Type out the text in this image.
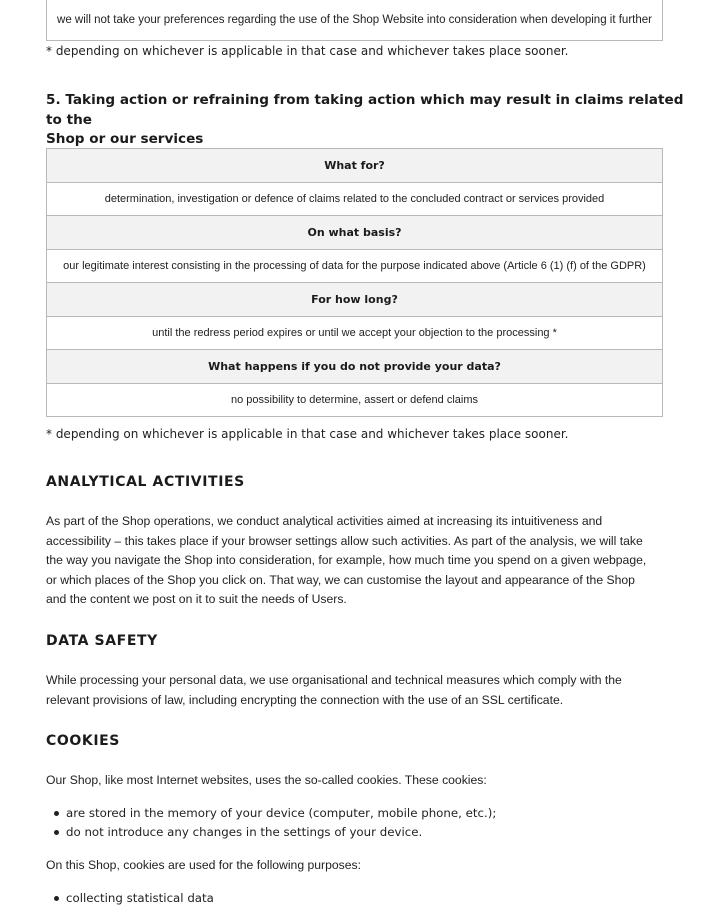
we will not take your preferences regarding the use of the Shop Website into consideration when developing it further
* depending on whichever is applicable in that case and whichever takes place sooner.
5. Taking action or refraining from taking action which may result in claims related to the
Shop or our services
What for?
determination, investigation or defence of claims related to the concluded contract or services provided
On what basis?
our legitimate interest consisting in the processing of data for the purpose indicated above (Article 6 (1) (f) of the GDPR)
For how long?
until the redress period expires or until we accept your objection to the processing *
What happens if you do not provide your data?
no possibility to determine, assert or defend claims
* depending on whichever is applicable in that case and whichever takes place sooner.
ANALYTICAL ACTIVITIES
As part of the Shop operations, we conduct analytical activities aimed at increasing its intuitiveness and
accessibility – this takes place if your browser settings allow such activities. As part of the analysis, we will take
the way you navigate the Shop into consideration, for example, how much time you spend on a given webpage,
or which places of the Shop you click on. That way, we can customise the layout and appearance of the Shop
and the content we post on it to suit the needs of Users.
DATA SAFETY
While processing your personal data, we use organisational and technical measures which comply with the
relevant provisions of law, including encrypting the connection with the use of an SSL certificate.
COOKIES
Our Shop, like most Internet websites, uses the so-called cookies. These cookies:
are stored in the memory of your device (computer, mobile phone, etc.);
do not introduce any changes in the settings of your device.
On this Shop, cookies are used for the following purposes:
collecting statistical data
